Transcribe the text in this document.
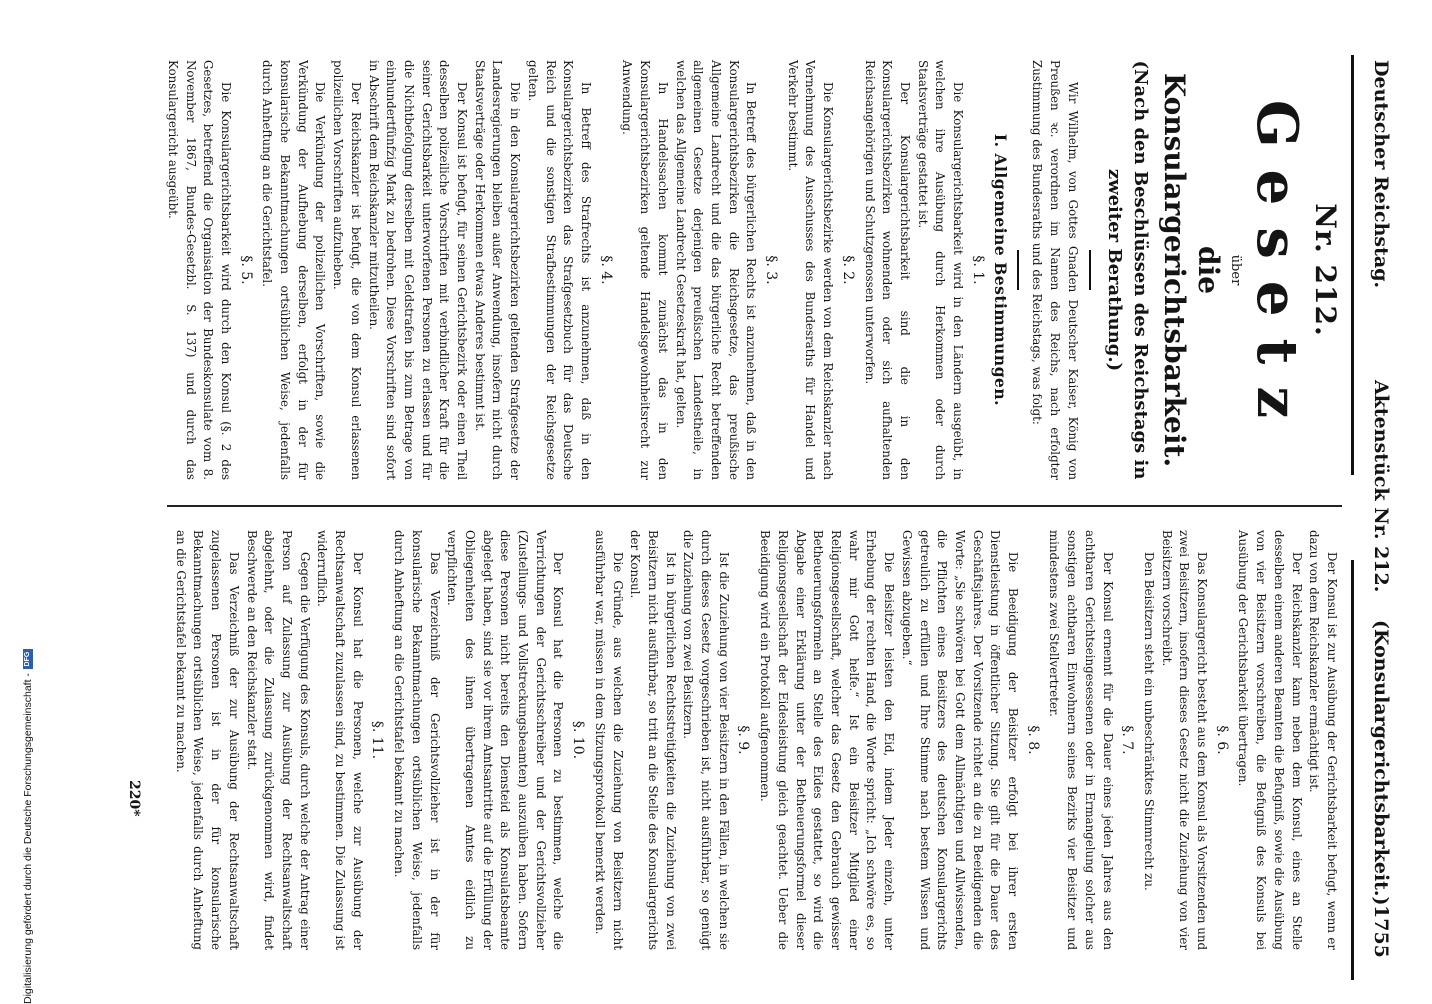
Deutscher Reichstag.
Aktenstück Nr. 212.
(Konsulargerichtsbarkeit.)
1755
Nr. 212.
Gesetz
über
die Konsulargerichtsbarkeit.
(Nach den Beschlüssen des Reichstags in zweiter Berathung.)

Wir Wilhelm, von Gottes Gnaden Deutscher Kaiser, König von Preußen ꝛc. verordnen im Namen des Reichs, nach erfolgter Zustimmung des Bundesraths und des Reichstags, was folgt:

I. Allgemeine Bestimmungen.
§. 1.

Die Konsulargerichtsbarkeit wird in den Ländern ausgeübt, in welchen ihre Ausübung durch Herkommen oder durch Staatsverträge gestattet ist.

Der Konsulargerichtsbarkeit sind die in den Konsulargerichtsbezirken wohnenden oder sich aufhaltenden Reichsangehörigen und Schutzgenossen unterworfen.

§. 2.

Die Konsulargerichtsbezirke werden von dem Reichskanzler nach Vernehmung des Ausschusses des Bundesraths für Handel und Verkehr bestimmt.

§. 3.

In Betreff des bürgerlichen Rechts ist anzunehmen, daß in den Konsulargerichtsbezirken die Reichsgesetze, das preußische Allgemeine Landrecht und die das bürgerliche Recht betreffenden allgemeinen Gesetze derjenigen preußischen Landestheile, in welchen das Allgemeine Landrecht Gesetzeskraft hat, gelten.

In Handelssachen kommt zunächst das in den Konsulargerichtsbezirken geltende Handelsgewohnheitsrecht zur Anwendung.

§. 4.

In Betreff des Strafrechts ist anzunehmen, daß in den Konsulargerichtsbezirken das Strafgesetzbuch für das Deutsche Reich und die sonstigen Strafbestimmungen der Reichsgesetze gelten.

Die in den Konsulargerichtsbezirken geltenden Strafgesetze der Landesregierungen bleiben außer Anwendung, insofern nicht durch Staatsverträge oder Herkommen etwas Anderes bestimmt ist.

Der Konsul ist befugt, für seinen Gerichtsbezirk oder einen Theil desselben polizeiliche Vorschriften mit verbindlicher Kraft für die seiner Gerichtsbarkeit unterworfenen Personen zu erlassen und für die Nichtbefolgung derselben mit Geldstrafen bis zum Betrage von einhundertfünfzig Mark zu bedrohen. Diese Vorschriften sind sofort in Abschrift dem Reichskanzler mitzutheilen.

Der Reichskanzler ist befugt, die von dem Konsul erlassenen polizeilichen Vorschriften aufzuheben.

Die Verkündung der polizeilichen Vorschriften, sowie die Verkündung der Aufhebung derselben, erfolgt in der für konsularische Bekanntmachungen ortsüblichen Weise, jedenfalls durch Anheftung an die Gerichtstafel.

§. 5.

Die Konsulargerichtsbarkeit wird durch den Konsul (§. 2 des Gesetzes, betreffend die Organisation der Bundeskonsulate vom 8. November 1867, Bundes-Gesetzbl. S. 137) und durch das Konsulargericht ausgeübt.

Der Konsul ist zur Ausübung der Gerichtsbarkeit befugt, wenn er dazu von dem Reichskanzler ermächtigt ist.

Der Reichskanzler kann neben dem Konsul, eines an Stelle desselben einem anderen Beamten die Befugniß, sowie die Ausübung von vier Beisitzern vorschreiben, die Befugniß des Konsuls bei Ausübung der Gerichtsbarkeit übertragen.

§. 6.

Das Konsulargericht besteht aus dem Konsul als Vorsitzenden und zwei Beisitzern, insofern dieses Gesetz nicht die Zuziehung von vier Beisitzern vorschreibt.

Den Beisitzern steht ein unbeschränktes Stimmrecht zu.

§. 7.

Der Konsul ernennt für die Dauer eines jeden Jahres aus den achtbaren Gerichtseingesessenen oder in Ermangelung solcher aus sonstigen achtbaren Einwohnern seines Bezirks vier Beisitzer und mindestens zwei Stellvertreter.

§. 8.

Die Beeidigung der Beisitzer erfolgt bei ihrer ersten Dienstleistung in öffentlicher Sitzung. Sie gilt für die Dauer des Geschäftsjahres. Der Vorsitzende richtet an die zu Beeidigenden die Worte: „Sie schwören bei Gott dem Allmächtigen und Allwissenden, die Pflichten eines Beisitzers des deutschen Konsulargerichts getreulich zu erfüllen und Ihre Stimme nach bestem Wissen und Gewissen abzugeben.“

Die Beisitzer leisten den Eid, indem Jeder einzeln, unter Erhebung der rechten Hand, die Worte spricht: „Ich schwöre es, so wahr mir Gott helfe.“ Ist ein Beisitzer Mitglied einer Religionsgesellschaft, welcher das Gesetz den Gebrauch gewisser Betheuerungsformeln an Stelle des Eides gestattet, so wird die Abgabe einer Erklärung unter der Betheuerungsformel dieser Religionsgesellschaft der Eidesleistung gleich geachtet. Ueber die Beeidigung wird ein Protokoll aufgenommen.

§. 9.

Ist die Zuziehung von vier Beisitzern in den Fällen, in welchen sie durch dieses Gesetz vorgeschrieben ist, nicht ausführbar, so genügt die Zuziehung von zwei Beisitzern.

Ist in bürgerlichen Rechtsstreitigkeiten die Zuziehung von zwei Beisitzern nicht ausführbar, so tritt an die Stelle des Konsulargerichts der Konsul.

Die Gründe, aus welchen die Zuziehung von Beisitzern nicht ausführbar war, müssen in dem Sitzungsprotokoll bemerkt werden.

§. 10.

Der Konsul hat die Personen zu bestimmen, welche die Verrichtungen der Gerichtsschreiber und der Gerichtsvollzieher (Zustellungs- und Vollstreckungsbeamten) auszuüben haben. Sofern diese Personen nicht bereits den Diensteid als Konsulatsbeamte abgelegt haben, sind sie vor ihrem Amtsantritte auf die Erfüllung der Obliegenheiten des ihnen übertragenen Amtes eidlich zu verpflichten.

Das Verzeichniß der Gerichtsvollzieher ist in der für konsularische Bekanntmachungen ortsüblichen Weise, jedenfalls durch Anheftung an die Gerichtstafel bekannt zu machen.

§. 11.

Der Konsul hat die Personen, welche zur Ausübung der Rechtsanwaltschaft zuzulassen sind, zu bestimmen. Die Zulassung ist widerruflich.

Gegen die Verfügung des Konsuls, durch welche der Antrag einer Person auf Zulassung zur Ausübung der Rechtsanwaltschaft abgelehnt, oder die Zulassung zurückgenommen wird, findet Beschwerde an den Reichskanzler statt.

Das Verzeichniß der zur Ausübung der Rechtsanwaltschaft zugelassenen Personen ist in der für konsularische Bekanntmachungen ortsüblichen Weise, jedenfalls durch Anheftung an die Gerichtstafel bekannt zu machen.

220*
Digitalisierung gefördert durch die Deutsche Forschungsgemeinschaft -DFG
